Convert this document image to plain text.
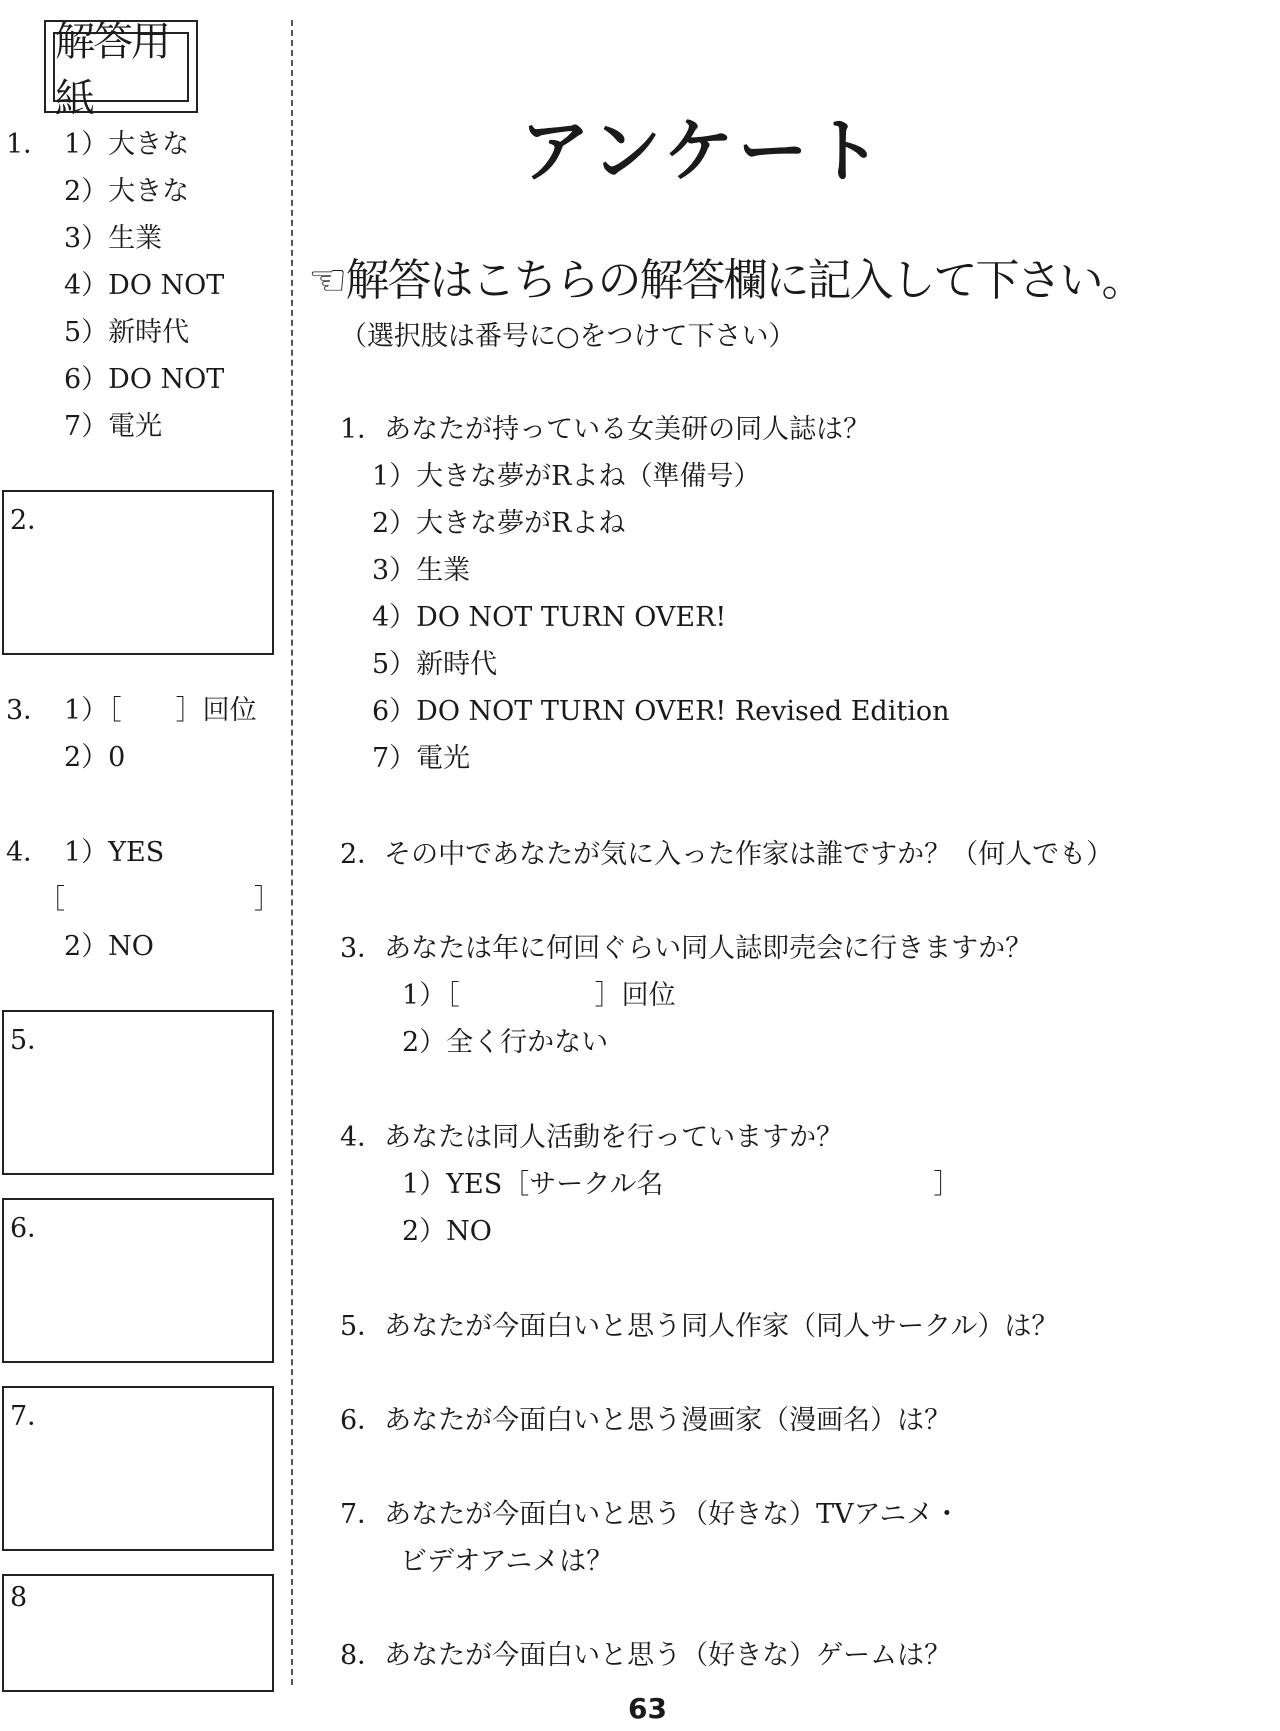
解答用紙
1． 1）大きな
2）大きな
3）生業
4）DO NOT
5）新時代
6）DO NOT
7）電光
2．
3． 1）［　　］回位
2）0
4． 1）YES
［　　　　　　　］
2）NO
5．
6．
7．
8
アンケート
☜解答はこちらの解答欄に記入して下さい。
（選択肢は番号に○をつけて下さい）
1．あなたが持っている女美研の同人誌は？
1）大きな夢がRよね（準備号）
2）大きな夢がRよね
3）生業
4）DO NOT TURN OVER!
5）新時代
6）DO NOT TURN OVER! Revised Edition
7）電光
2．その中であなたが気に入った作家は誰ですか？（何人でも）
3．あなたは年に何回ぐらい同人誌即売会に行きますか？
1）［　　　　　］回位
2）全く行かない
4．あなたは同人活動を行っていますか？
1）YES［サークル名　　　　　　　　　　］
2）NO
5．あなたが今面白いと思う同人作家（同人サークル）は？
6．あなたが今面白いと思う漫画家（漫画名）は？
7．あなたが今面白いと思う（好きな）TVアニメ・
ビデオアニメは？
8．あなたが今面白いと思う（好きな）ゲームは？
63
